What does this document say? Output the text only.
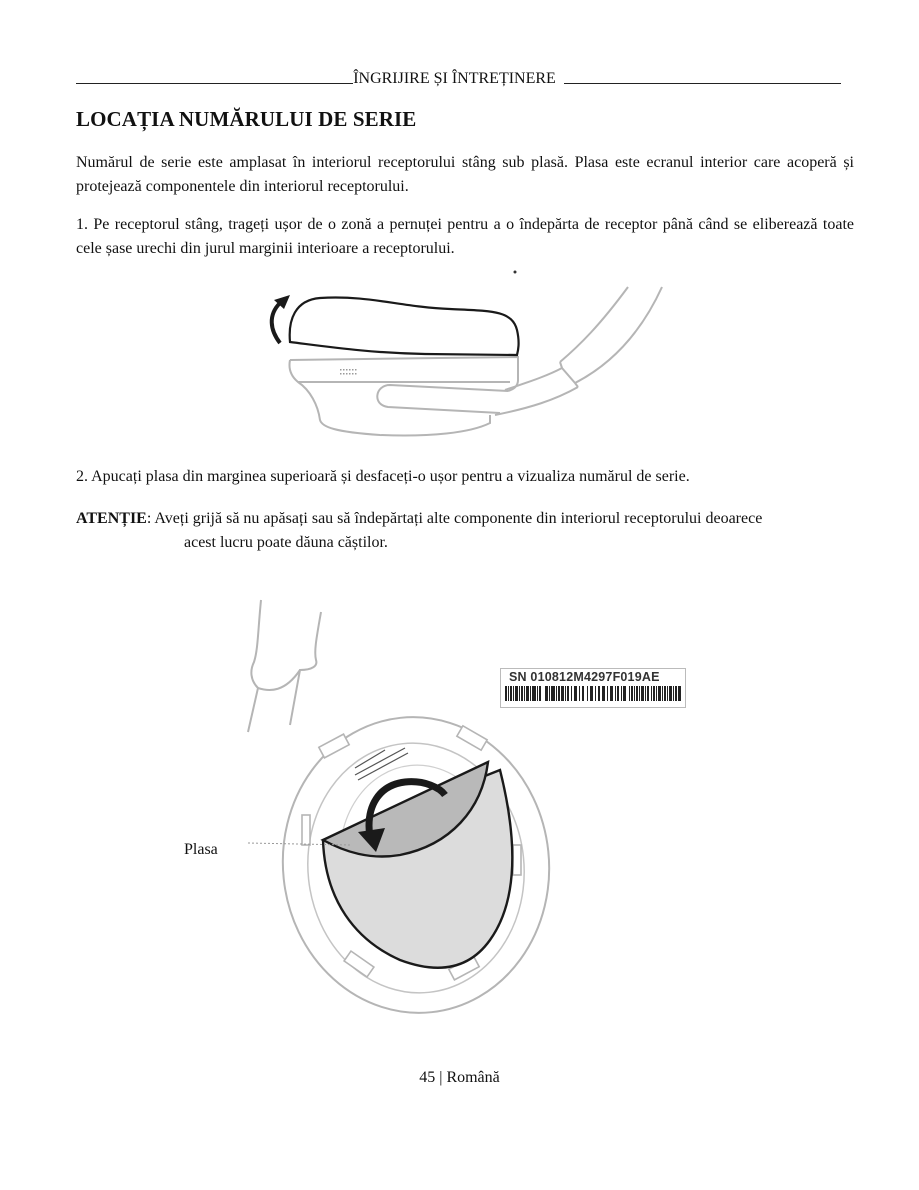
ÎNGRIJIRE ȘI ÎNTREȚINERE
LOCAȚIA NUMĂRULUI DE SERIE

Numărul de serie este amplasat în interiorul receptorului stâng sub plasă. Plasa este ecranul interior care acoperă și protejează componentele din interiorul receptorului.

1. Pe receptorul stâng, trageți ușor de o zonă a pernuței pentru a o îndepărta de receptor până când se eliberează toate cele șase urechi din jurul marginii interioare a receptorului.

2. Apucați plasa din marginea superioară și desfaceți-o ușor pentru a vizualiza numărul de serie.

ATENȚIE: Aveți grijă să nu apăsați sau să îndepărtați alte componente din interiorul receptorului deoarece
acest lucru poate dăuna căștilor.

Plasa
SN 010812M4297F019AE
45 | Română
